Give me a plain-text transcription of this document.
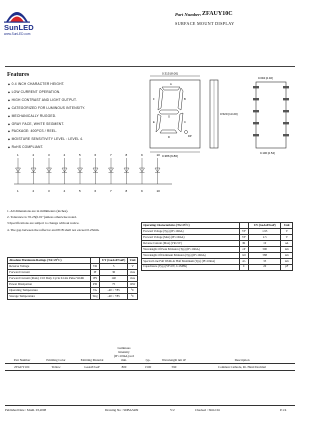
SunLED
www.SunLED.com
Part Number: ZFAUY10C
SURFACE MOUNT DISPLAY
Features
◆ 0.4 INCH CHARACTER HEIGHT.
◆ LOW CURRENT OPERATION.
◆ HIGH CONTRAST AND LIGHT OUTPUT.
◆ CATEGORIZED FOR LUMINOUS INTENSITY.
◆ MECHANICALLY RUGGED.
◆ GRAY FACE, WHITE SEGMENT.
◆ PACKAGE: 400PCS / REEL.
◆ MOISTURE SENSITIVITY LEVEL : LEVEL 4.
◆ RoHS COMPLIANT.
0.315 [8.00]
A
B
C
D
E
F
G
DP
0.386 [9.80]
0.520 [13.20]
0.094 [2.40]
0.100 [2.54]
1
1
2
2
3
3
4
4
5
5
6
6
7
7
8
8
9
9
10
10

1. All dimensions are in millimeters (inches).

2. Tolerance is ±0.25(0.01")unless otherwise noted.

3.Specifications are subject to change without notice.

4. The gap between the reflector and PCB shall not exceed 0.25mm.

Absolute Maximum Ratings (TA=25°C)		UY (GaAsP/GaP)	Unit
Reverse Voltage	VR	5	V
Forward Current	IF	30	mA
Forward Current (Peak) 1/10 Duty Cycle 0.1ms Pulse Width	iFS	140	mA
Power Dissipation	PD	75	mW
Operating Temperature	TA	-40 ~ +85	°C
Storage Temperature	Tstg	-40 ~ +85	°C
Operating Characteristics (TA=25°C)		UY (GaAsP/GaP)	Unit
Forward Voltage (Typ) (IF=10mA)	VF	1.95	V
Forward Voltage (Max) (IF=10mA)	VF	2.5	V
Reverse Current (Max) (VR=5V)	IR	10	uA
Wavelength Of Peak Emission (Typ) (IF=10mA)	λP	590	nm
Wavelength Of Dominant Emission (Typ) (IF=10mA)	λD	588	nm
Spectral Line Full Width At Half Maximum (Typ) (IF=10mA)	Δλ	35	nm
Capacitance (Typ) (VF=0V, f=1MHz)	C	20	pF
Part Number	Emitting Color	Emitting Material	Luminous Intensity (IF=10mA) ucd
min.	typ.	Wavelength nm λP	Description
ZFAUY10C	Yellow	GaAsP/GaP	800	1500	590	Common Cathode, Rt. Hand Decimal
Published Date : MAR. 03,2008	Drawing No : SDBA5409	V:2	Checked : Shin Chi	P.1/4
